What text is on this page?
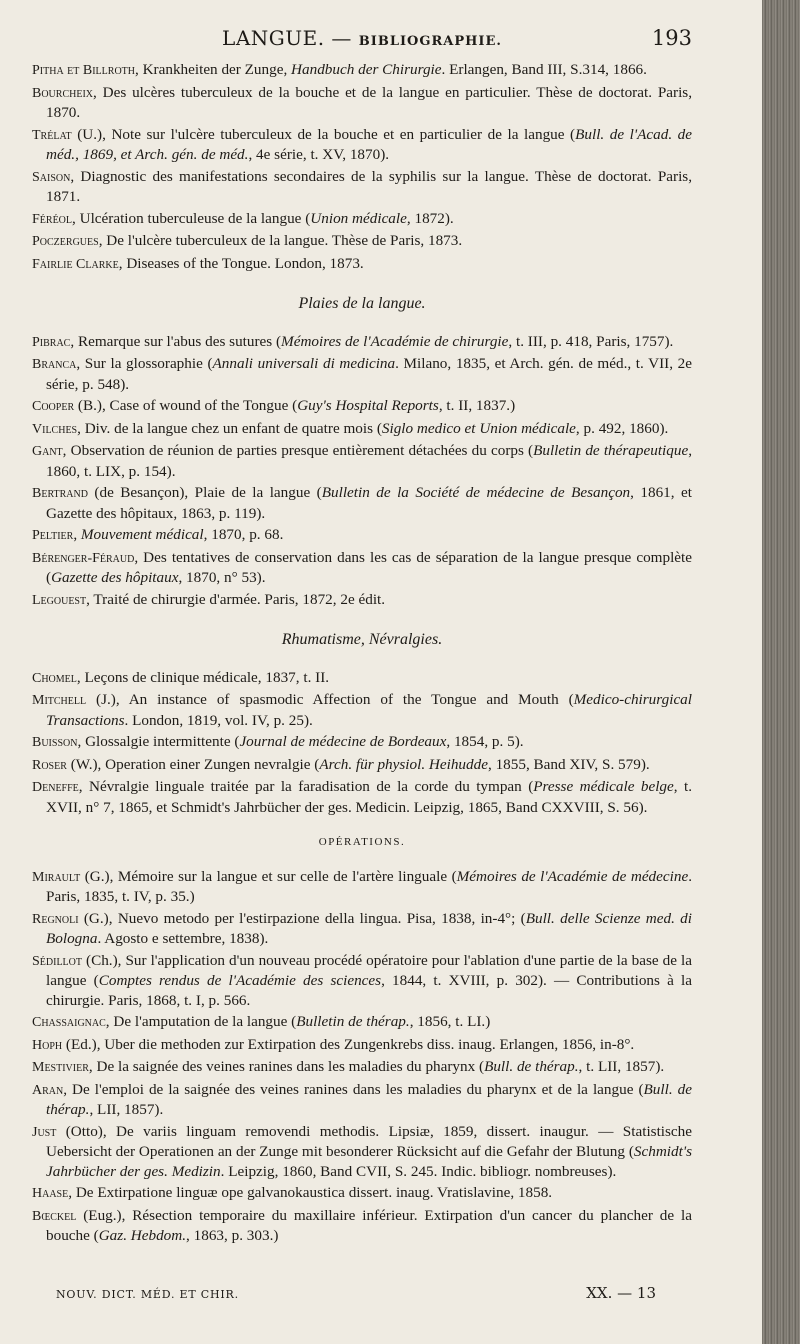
LANGUE. — BIBLIOGRAPHIE.	193

Pitha et Billroth, Krankheiten der Zunge, Handbuch der Chirurgie. Erlangen, Band III, S.314, 1866.

Bourcheix, Des ulcères tuberculeux de la bouche et de la langue en particulier. Thèse de doctorat. Paris, 1870.

Trélat (U.), Note sur l'ulcère tuberculeux de la bouche et en particulier de la langue (Bull. de l'Acad. de méd., 1869, et Arch. gén. de méd., 4e série, t. XV, 1870).

Saison, Diagnostic des manifestations secondaires de la syphilis sur la langue. Thèse de doctorat. Paris, 1871.

Féréol, Ulcération tuberculeuse de la langue (Union médicale, 1872).

Poczergues, De l'ulcère tuberculeux de la langue. Thèse de Paris, 1873.

Fairlie Clarke, Diseases of the Tongue. London, 1873.

Plaies de la langue.

Pibrac, Remarque sur l'abus des sutures (Mémoires de l'Académie de chirurgie, t. III, p. 418, Paris, 1757).

Branca, Sur la glossoraphie (Annali universali di medicina. Milano, 1835, et Arch. gén. de méd., t. VII, 2e série, p. 548).

Cooper (B.), Case of wound of the Tongue (Guy's Hospital Reports, t. II, 1837.)

Vilches, Div. de la langue chez un enfant de quatre mois (Siglo medico et Union médicale, p. 492, 1860).

Gant, Observation de réunion de parties presque entièrement détachées du corps (Bulletin de thérapeutique, 1860, t. LIX, p. 154).

Bertrand (de Besançon), Plaie de la langue (Bulletin de la Société de médecine de Besançon, 1861, et Gazette des hôpitaux, 1863, p. 119).

Peltier, Mouvement médical, 1870, p. 68.

Bérenger-Féraud, Des tentatives de conservation dans les cas de séparation de la langue presque complète (Gazette des hôpitaux, 1870, n° 53).

Legouest, Traité de chirurgie d'armée. Paris, 1872, 2e édit.

Rhumatisme, Névralgies.

Chomel, Leçons de clinique médicale, 1837, t. II.

Mitchell (J.), An instance of spasmodic Affection of the Tongue and Mouth (Medico-chirurgical Transactions. London, 1819, vol. IV, p. 25).

Buisson, Glossalgie intermittente (Journal de médecine de Bordeaux, 1854, p. 5).

Roser (W.), Operation einer Zungen nevralgie (Arch. für physiol. Heihudde, 1855, Band XIV, S. 579).

Deneffe, Névralgie linguale traitée par la faradisation de la corde du tympan (Presse médicale belge, t. XVII, n° 7, 1865, et Schmidt's Jahrbücher der ges. Medicin. Leipzig, 1865, Band CXXVIII, S. 56).

OPÉRATIONS.

Mirault (G.), Mémoire sur la langue et sur celle de l'artère linguale (Mémoires de l'Académie de médecine. Paris, 1835, t. IV, p. 35.)

Regnoli (G.), Nuevo metodo per l'estirpazione della lingua. Pisa, 1838, in-4°; (Bull. delle Scienze med. di Bologna. Agosto e settembre, 1838).

Sédillot (Ch.), Sur l'application d'un nouveau procédé opératoire pour l'ablation d'une partie de la base de la langue (Comptes rendus de l'Académie des sciences, 1844, t. XVIII, p. 302). — Contributions à la chirurgie. Paris, 1868, t. I, p. 566.

Chassaignac, De l'amputation de la langue (Bulletin de thérap., 1856, t. LI.)

Hoph (Ed.), Uber die methoden zur Extirpation des Zungenkrebs diss. inaug. Erlangen, 1856, in-8°.

Mestivier, De la saignée des veines ranines dans les maladies du pharynx (Bull. de thérap., t. LII, 1857).

Aran, De l'emploi de la saignée des veines ranines dans les maladies du pharynx et de la langue (Bull. de thérap., LII, 1857).

Just (Otto), De variis linguam removendi methodis. Lipsiæ, 1859, dissert. inaugur. — Statistische Uebersicht der Operationen an der Zunge mit besonderer Rücksicht auf die Gefahr der Blutung (Schmidt's Jahrbücher der ges. Medizin. Leipzig, 1860, Band CVII, S. 245. Indic. bibliogr. nombreuses).

Haase, De Extirpatione linguæ ope galvanokaustica dissert. inaug. Vratislavine, 1858.

Bœckel (Eug.), Résection temporaire du maxillaire inférieur. Extirpation d'un cancer du plancher de la bouche (Gaz. Hebdom., 1863, p. 303.)

NOUV. DICT. MÉD. ET CHIR.	XX. — 13
